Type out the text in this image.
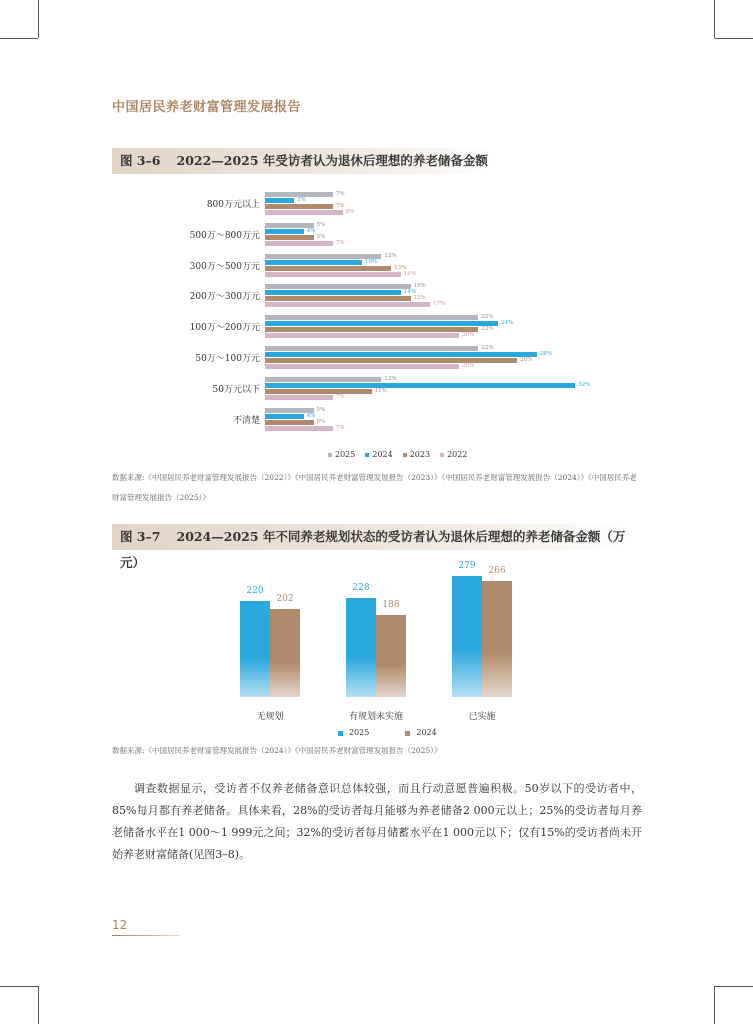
中国居民养老财富管理发展报告
图 3–6 2022—2025 年受访者认为退休后理想的养老储备金额
2025	2024	2023	2022
数据来源:《中国居民养老财富管理发展报告（2022）》《中国居民养老财富管理发展报告（2023）》《中国居民养老财富管理发展报告（2024）》《中国居民养老财富管理发展报告（2025）》
图 3–7 2024—2025 年不同养老规划状态的受访者认为退休后理想的养老储备金额（万元）
2025	2024
数据来源:《中国居民养老财富管理发展报告（2024）》《中国居民养老财富管理发展报告（2025）》
调查数据显示，受访者不仅养老储备意识总体较强，而且行动意愿普遍积极。50岁以下的受访者中，85%每月都有养老储备。具体来看，28%的受访者每月能够为养老储备2 000元以上；25%的受访者每月养老储备水平在1 000～1 999元之间；32%的受访者每月储蓄水平在1 000元以下；仅有15%的受访者尚未开始养老财富储备(见图3–8)。
12
800万元以上
7%
3%
7%
8%
500万～800万元
5%
4%
5%
7%
300万～500万元
12%
10%
13%
14%
200万～300万元
15%
14%
15%
17%
100万～200万元
22%
24%
22%
20%
50万～100万元
22%
28%
26%
20%
50万元以下
12%
32%
11%
7%
不清楚
5%
4%
5%
7%
220
202
无规划
228
188
有规划未实施
279
266
已实施
